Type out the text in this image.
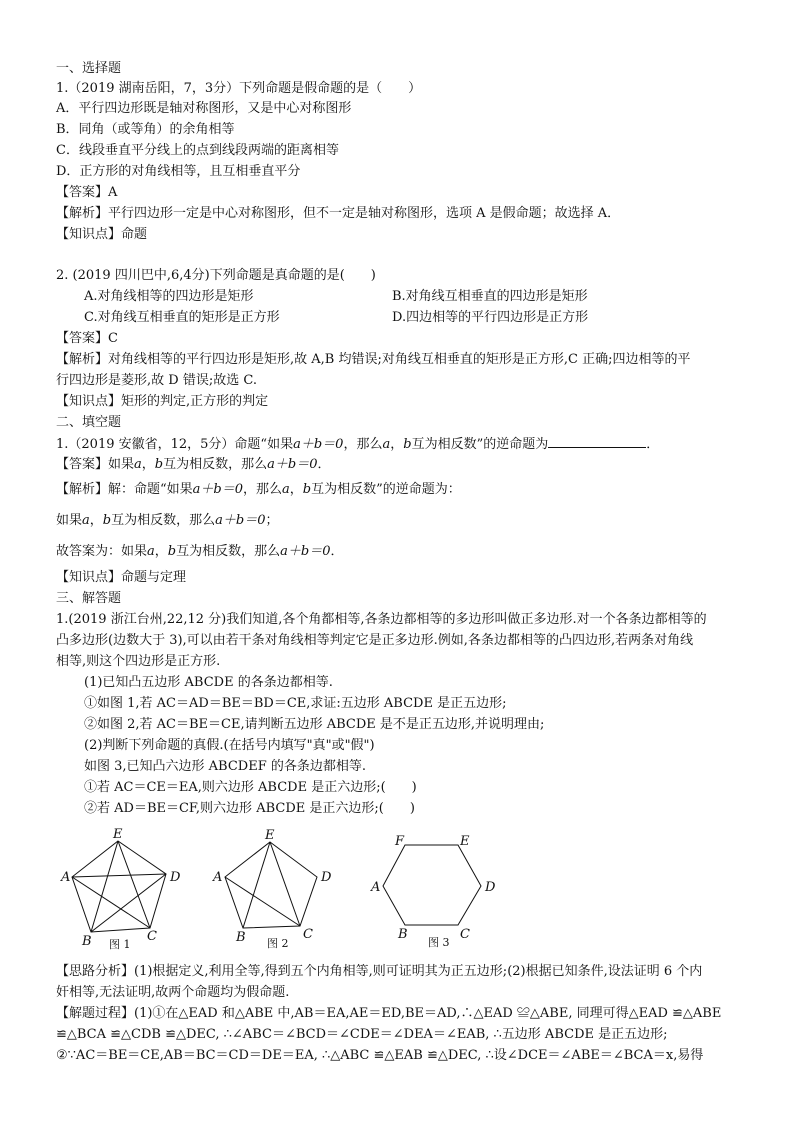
一、选择题
1.（2019 湖南岳阳，7，3分）下列命题是假命题的是（　　）
A．平行四边形既是轴对称图形，又是中心对称图形
B．同角（或等角）的余角相等
C．线段垂直平分线上的点到线段两端的距离相等
D．正方形的对角线相等，且互相垂直平分
【答案】A
【解析】平行四边形一定是中心对称图形，但不一定是轴对称图形，选项 A 是假命题；故选择 A．
【知识点】命题
2. (2019 四川巴中,6,4分)下列命题是真命题的是(　　)
A.对角线相等的四边形是矩形	B.对角线互相垂直的四边形是矩形
C.对角线互相垂直的矩形是正方形	D.四边相等的平行四边形是正方形
【答案】C
【解析】对角线相等的平行四边形是矩形,故 A,B 均错误;对角线互相垂直的矩形是正方形,C 正确;四边相等的平
行四边形是菱形,故 D 错误;故选 C.
【知识点】矩形的判定,正方形的判定
二、填空题
1.（2019 安徽省，12，5分）命题“如果a＋b＝0，那么a，b互为相反数”的逆命题为	．
【答案】如果a，b互为相反数，那么a＋b＝0．
【解析】解：命题“如果a＋b＝0，那么a，b互为相反数”的逆命题为：
如果a，b互为相反数，那么a＋b＝0；
故答案为：如果a，b互为相反数，那么a＋b＝0．
【知识点】命题与定理
三、解答题
1.(2019 浙江台州,22,12 分)我们知道,各个角都相等,各条边都相等的多边形叫做正多边形.对一个各条边都相等的
凸多边形(边数大于 3),可以由若干条对角线相等判定它是正多边形.例如,各条边都相等的凸四边形,若两条对角线
相等,则这个四边形是正方形.
(1)已知凸五边形 ABCDE 的各条边都相等.
①如图 1,若 AC＝AD＝BE＝BD＝CE,求证:五边形 ABCDE 是正五边形;
②如图 2,若 AC＝BE＝CE,请判断五边形 ABCDE 是不是正五边形,并说明理由;
(2)判断下列命题的真假.(在括号内填写"真"或"假")
如图 3,已知凸六边形 ABCDEF 的各条边都相等.
①若 AC＝CE＝EA,则六边形 ABCDE 是正六边形;(　　)
②若 AD＝BE＝CF,则六边形 ABCDE 是正六边形;(　　)
E
A	D
B	C
图 1
E
A	D
B	C
图 2
F	E
A	D
B	C
图 3
【思路分析】(1)根据定义,利用全等,得到五个内角相等,则可证明其为正五边形;(2)根据已知条件,设法证明 6 个内
奸相等,无法证明,故两个命题均为假命题.
【解题过程】(1)①在△EAD 和△ABE 中,AB＝EA,AE＝ED,BE＝AD,∴△EAD ≌△ABE, 同理可得△EAD ≌△ABE
≌△BCA ≌△CDB ≌△DEC, ∴∠ABC＝∠BCD＝∠CDE＝∠DEA＝∠EAB, ∴五边形 ABCDE 是正五边形;
②∵AC＝BE＝CE,AB＝BC＝CD＝DE＝EA, ∴△ABC ≌△EAB ≌△DEC, ∴设∠DCE＝∠ABE＝∠BCA＝x,易得
